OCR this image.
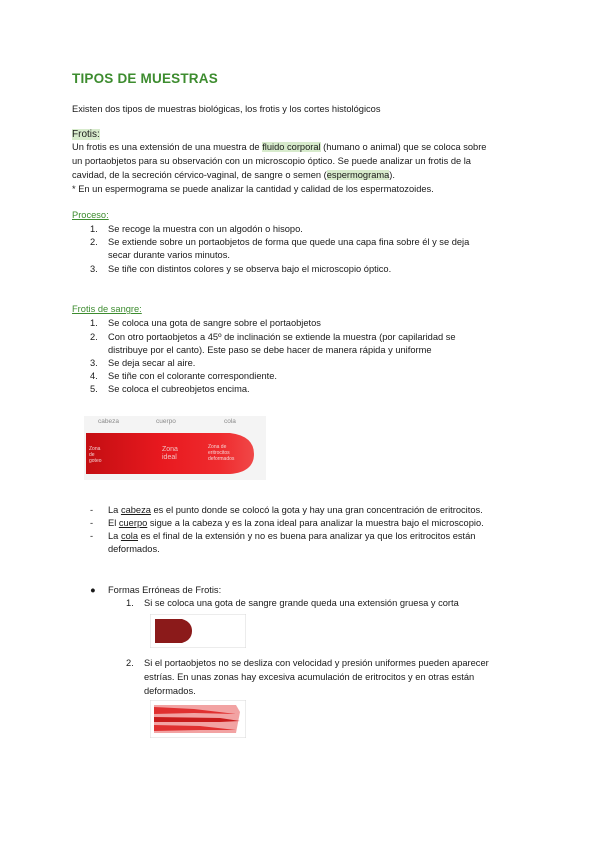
TIPOS DE MUESTRAS
Existen dos tipos de muestras biológicas, los frotis y los cortes histológicos
Frotis:
Un frotis es una extensión de una muestra de fluido corporal (humano o animal) que se coloca sobre
un portaobjetos para su observación con un microscopio óptico. Se puede analizar un frotis de la
cavidad, de la secreción cérvico-vaginal, de sangre o semen (espermograma).
* En un espermograma se puede analizar la cantidad y calidad de los espermatozoides.
Proceso:
1. Se recoge la muestra con un algodón o hisopo.
2. Se extiende sobre un portaobjetos de forma que quede una capa fina sobre él y se deja
secar durante varios minutos.
3. Se tiñe con distintos colores y se observa bajo el microscopio óptico.
Frotis de sangre:
1. Se coloca una gota de sangre sobre el portaobjetos
2. Con otro portaobjetos a 45º de inclinación se extiende la muestra (por capilaridad se
distribuye por el canto). Este paso se debe hacer de manera rápida y uniforme
3. Se deja secar al aire.
4. Se tiñe con el colorante correspondiente.
5. Se coloca el cubreobjetos encima.
cabeza	cuerpo	cola
Zona de goteo
Zona ideal
Zona de eritrocitos deformados
- La cabeza es el punto donde se colocó la gota y hay una gran concentración de eritrocitos.
- El cuerpo sigue a la cabeza y es la zona ideal para analizar la muestra bajo el microscopio.
- La cola es el final de la extensión y no es buena para analizar ya que los eritrocitos están
deformados.
● Formas Erróneas de Frotis:
1. Si se coloca una gota de sangre grande queda una extensión gruesa y corta
2. Si el portaobjetos no se desliza con velocidad y presión uniformes pueden aparecer
estrías. En unas zonas hay excesiva acumulación de eritrocitos y en otras están
deformados.
